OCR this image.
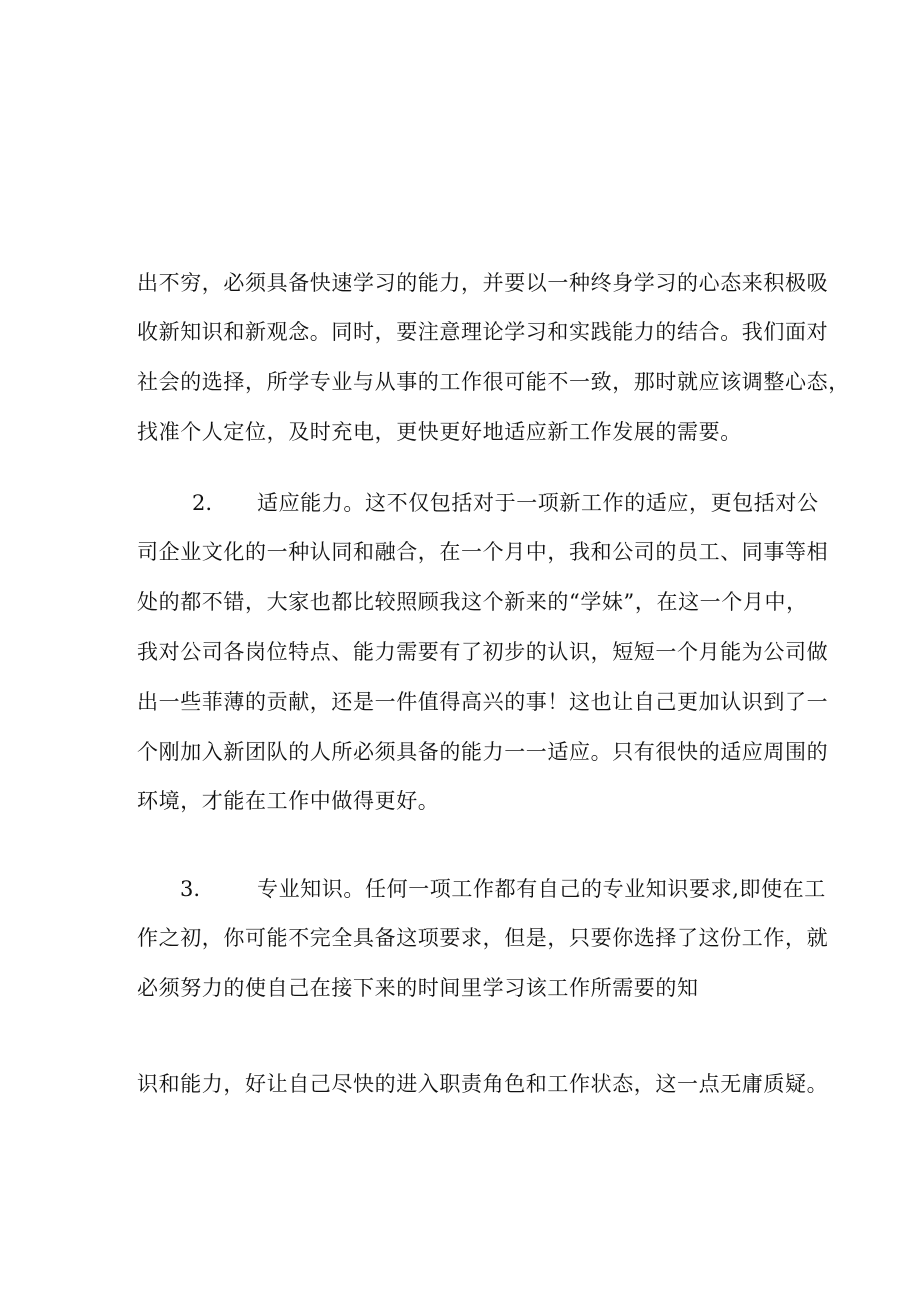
出不穷，必须具备快速学习的能力，并要以一种终身学习的心态来积极吸
收新知识和新观念。同时，要注意理论学习和实践能力的结合。我们面对
社会的选择，所学专业与从事的工作很可能不一致，那时就应该调整心态，
找准个人定位，及时充电，更快更好地适应新工作发展的需要。
2. 适应能力。这不仅包括对于一项新工作的适应，更包括对公
司企业文化的一种认同和融合，在一个月中，我和公司的员工、同事等相
处的都不错，大家也都比较照顾我这个新来的“学妹”，在这一个月中，
我对公司各岗位特点、能力需要有了初步的认识，短短一个月能为公司做
出一些菲薄的贡献，还是一件值得高兴的事！这也让自己更加认识到了一
个刚加入新团队的人所必须具备的能力一一适应。只有很快的适应周围的
环境，才能在工作中做得更好。
3.	专业知识。任何一项工作都有自己的专业知识要求,即使在工
作之初，你可能不完全具备这项要求，但是，只要你选择了这份工作，就
必须努力的使自己在接下来的时间里学习该工作所需要的知
识和能力，好让自己尽快的进入职责角色和工作状态，这一点无庸质疑。
